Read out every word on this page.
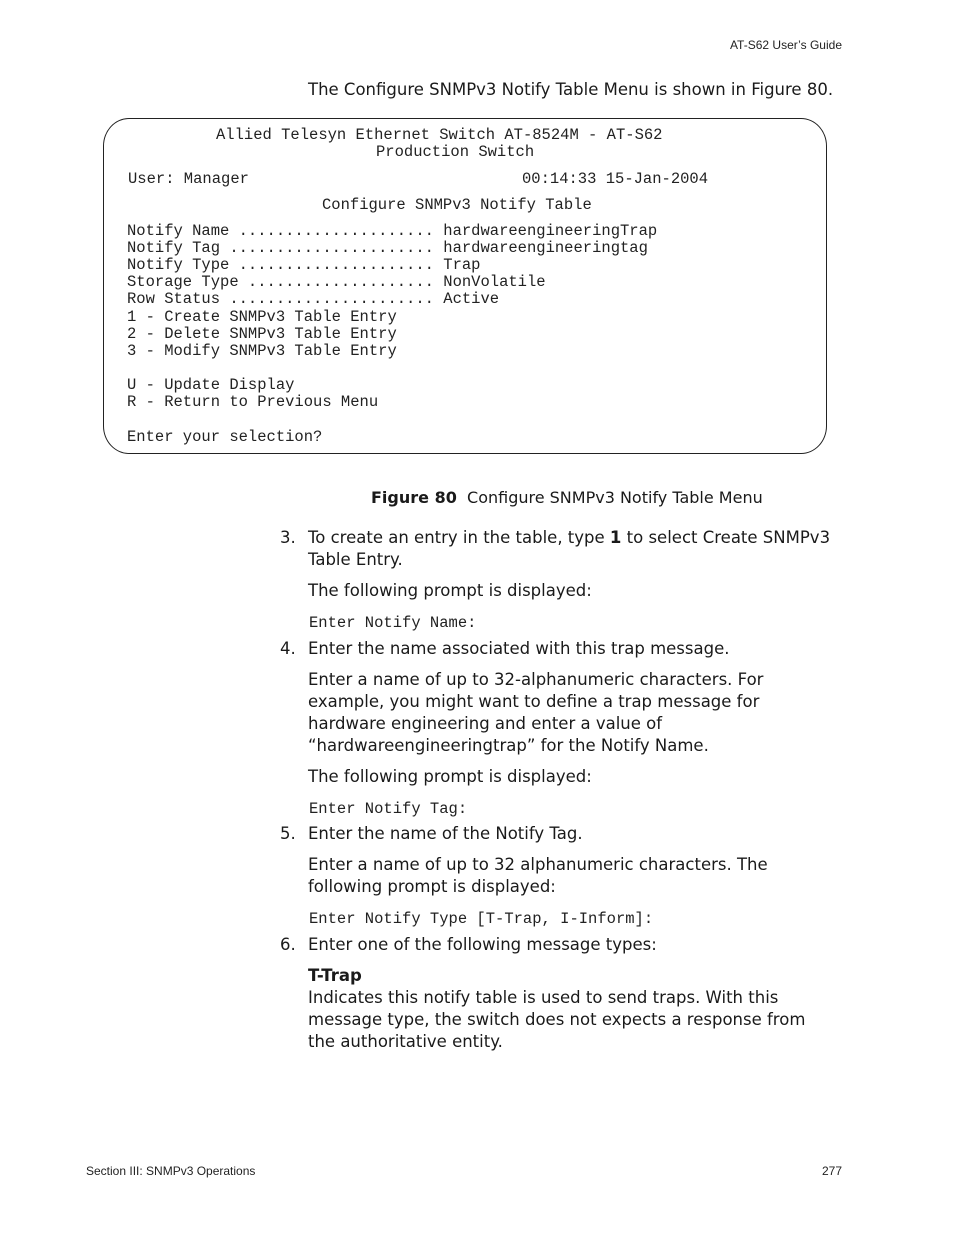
AT-S62 User’s Guide
The Configure SNMPv3 Notify Table Menu is shown in Figure 80.
Allied Telesyn Ethernet Switch AT-8524M - AT-S62
Production Switch
User: Manager	00:14:33 15-Jan-2004
Configure SNMPv3 Notify Table
Notify Name ..................... hardwareengineeringTrap
Notify Tag ...................... hardwareengineeringtag
Notify Type ..................... Trap
Storage Type .................... NonVolatile
Row Status ...................... Active
1 - Create SNMPv3 Table Entry
2 - Delete SNMPv3 Table Entry
3 - Modify SNMPv3 Table Entry
U - Update Display
R - Return to Previous Menu
Enter your selection?
Figure 80 Configure SNMPv3 Notify Table Menu
3. To create an entry in the table, type 1 to select Create SNMPv3 Table Entry.
The following prompt is displayed:
Enter Notify Name:
4. Enter the name associated with this trap message.
Enter a name of up to 32-alphanumeric characters. For example, you might want to define a trap message for hardware engineering and enter a value of “hardwareengineeringtrap” for the Notify Name.
The following prompt is displayed:
Enter Notify Tag:
5. Enter the name of the Notify Tag.
Enter a name of up to 32 alphanumeric characters. The following prompt is displayed:
Enter Notify Type [T-Trap, I-Inform]:
6. Enter one of the following message types:
T-Trap
Indicates this notify table is used to send traps. With this message type, the switch does not expects a response from the authoritative entity.
Section III: SNMPv3 Operations	277
